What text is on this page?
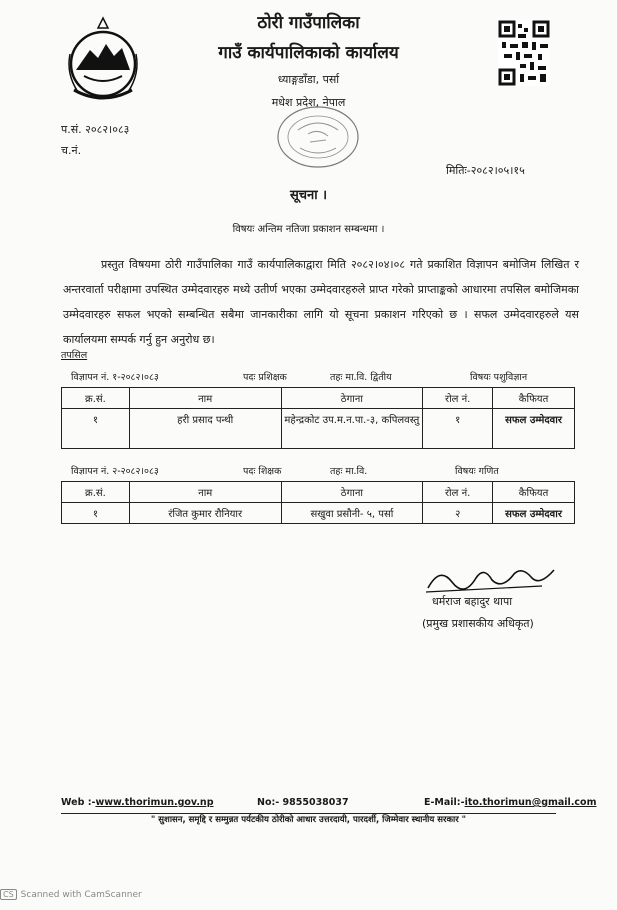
ठोरी गाउँपालिका
गाउँ कार्यपालिकाको कार्यालय
ध्याङ्गडाँडा, पर्सा
मधेश प्रदेश, नेपाल
प.सं. २०८२।०८३
च.नं.
मितिः-२०८२।०५।१५
सूचना ।
विषयः अन्तिम नतिजा प्रकाशन सम्बन्धमा ।
प्रस्तुत विषयमा ठोरी गाउँपालिका गाउँ कार्यपालिकाद्वारा मिति २०८२।०४।०८ गते प्रकाशित विज्ञापन बमोजिम लिखित र अन्तरवार्ता परीक्षामा उपस्थित उम्मेदवारहरु मध्ये उतीर्ण भएका उम्मेदवारहरुले प्राप्त गरेको प्राप्ताङ्कको आधारमा तपसिल बमोजिमका उम्मेदवारहरु सफल भएको सम्बन्धित सबैमा जानकारीका लागि यो सूचना प्रकाशन गरिएको छ । सफल उम्मेदवारहरुले यस कार्यालयमा सम्पर्क गर्नु हुन अनुरोध छ।
तपसिल
विज्ञापन नं. १-२०८२।०८३	पदः प्रशिक्षक	तहः मा.वि. द्वितीय	विषयः पशुविज्ञान
क्र.सं.	नाम	ठेगाना	रोल नं.	कैफियत
१	हरी प्रसाद पन्थी	महेन्द्रकोट उप.म.न.पा.-३, कपिलवस्तु	१	सफल उम्मेदवार
विज्ञापन नं. २-२०८२।०८३	पदः शिक्षक	तहः मा.वि.	विषयः गणित
क्र.सं.	नाम	ठेगाना	रोल नं.	कैफियत
१	रंजित कुमार रौनियार	सखुवा प्रसौनी- ५, पर्सा	२	सफल उम्मेदवार
धर्मराज बहादुर थापा
(प्रमुख प्रशासकीय अधिकृत)
Web :-www.thorimun.gov.np	No:- 9855038037	E-Mail:-ito.thorimun@gmail.com
" सुशासन, समृद्दि र सम्मुन्नत पर्यटकीय ठोरीको आधार उत्तरदायी, पारदर्शी, जिम्मेवार स्थानीय सरकार "
CS Scanned with CamScanner
